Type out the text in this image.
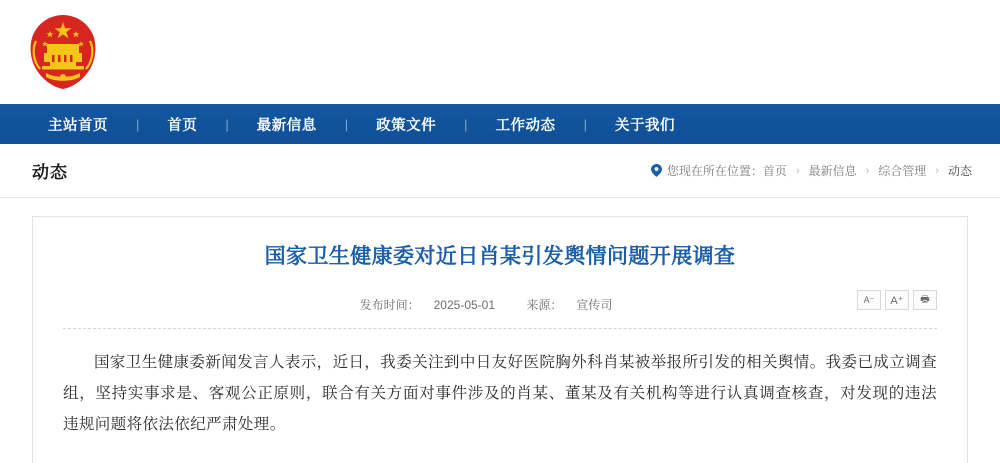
主站首页	|	首页	|	最新信息	|	政策文件	|	工作动态	|	关于我们
动态	您现在所在位置： 首页 › 最新信息 › 综合管理 › 动态
国家卫生健康委对近日肖某引发舆情问题开展调查
发布时间： 2025-05-01	来源： 宣传司	A⁻	A⁺	🖶
国家卫生健康委新闻发言人表示，近日，我委关注到中日友好医院胸外科肖某被举报所引发的相关舆情。我委已成立调查组，坚持实事求是、客观公正原则，联合有关方面对事件涉及的肖某、董某及有关机构等进行认真调查核查，对发现的违法违规问题将依法依纪严肃处理。
